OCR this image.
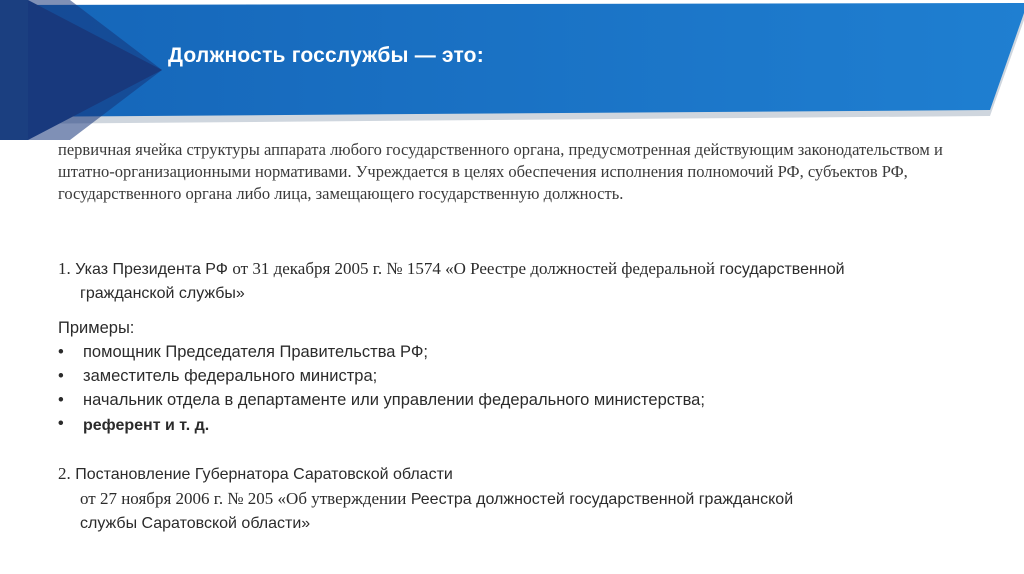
Должность госслужбы — это:
первичная ячейка структуры аппарата любого государственного органа, предусмотренная действующим законодательством и штатно-организационными нормативами. Учреждается в целях обеспечения исполнения полномочий РФ, субъектов РФ, государственного органа либо лица, замещающего государственную должность.
1. Указ Президента РФ от 31 декабря 2005 г. № 1574 «О Реестре должностей федеральной государственной
гражданской службы»
Примеры:
• помощник Председателя Правительства РФ;
• заместитель федерального министра;
• начальник отдела в департаменте или управлении федерального министерства;
• референт и т. д.
2. Постановление Губернатора Саратовской области
от 27 ноября 2006 г. № 205 «Об утверждении Реестра должностей государственной гражданской
службы Саратовской области»
